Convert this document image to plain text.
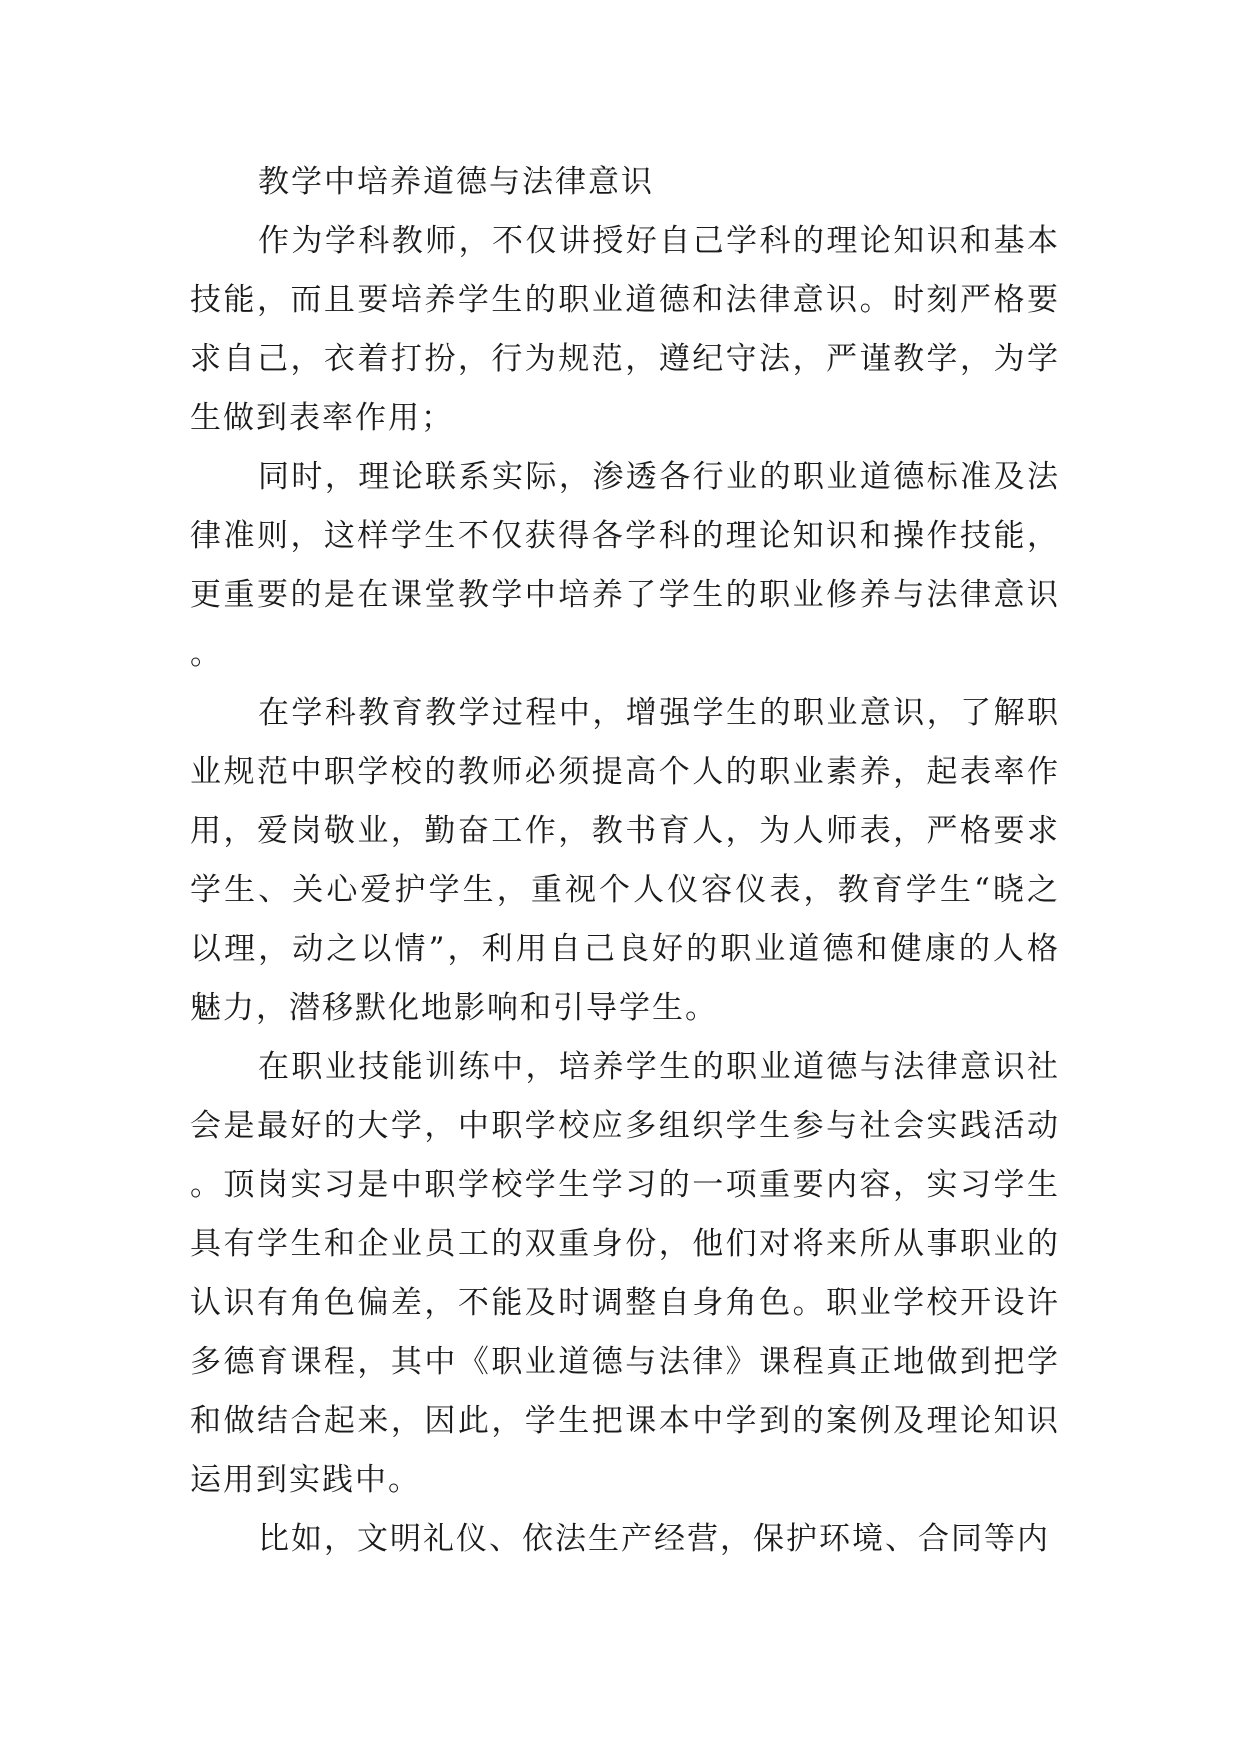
教学中培养道德与法律意识

作为学科教师，不仅讲授好自己学科的理论知识和基本技能，而且要培养学生的职业道德和法律意识。时刻严格要求自己，衣着打扮，行为规范，遵纪守法，严谨教学，为学生做到表率作用；

同时，理论联系实际，渗透各行业的职业道德标准及法律准则，这样学生不仅获得各学科的理论知识和操作技能，更重要的是在课堂教学中培养了学生的职业修养与法律意识。

在学科教育教学过程中，增强学生的职业意识，了解职业规范中职学校的教师必须提高个人的职业素养，起表率作用，爱岗敬业，勤奋工作，教书育人，为人师表，严格要求学生、关心爱护学生，重视个人仪容仪表，教育学生“晓之以理，动之以情”，利用自己良好的职业道德和健康的人格魅力，潜移默化地影响和引导学生。

在职业技能训练中，培养学生的职业道德与法律意识社会是最好的大学，中职学校应多组织学生参与社会实践活动。顶岗实习是中职学校学生学习的一项重要内容，实习学生具有学生和企业员工的双重身份，他们对将来所从事职业的认识有角色偏差，不能及时调整自身角色。职业学校开设许多德育课程，其中《职业道德与法律》课程真正地做到把学和做结合起来，因此，学生把课本中学到的案例及理论知识运用到实践中。

比如，文明礼仪、依法生产经营，保护环境、合同等内
